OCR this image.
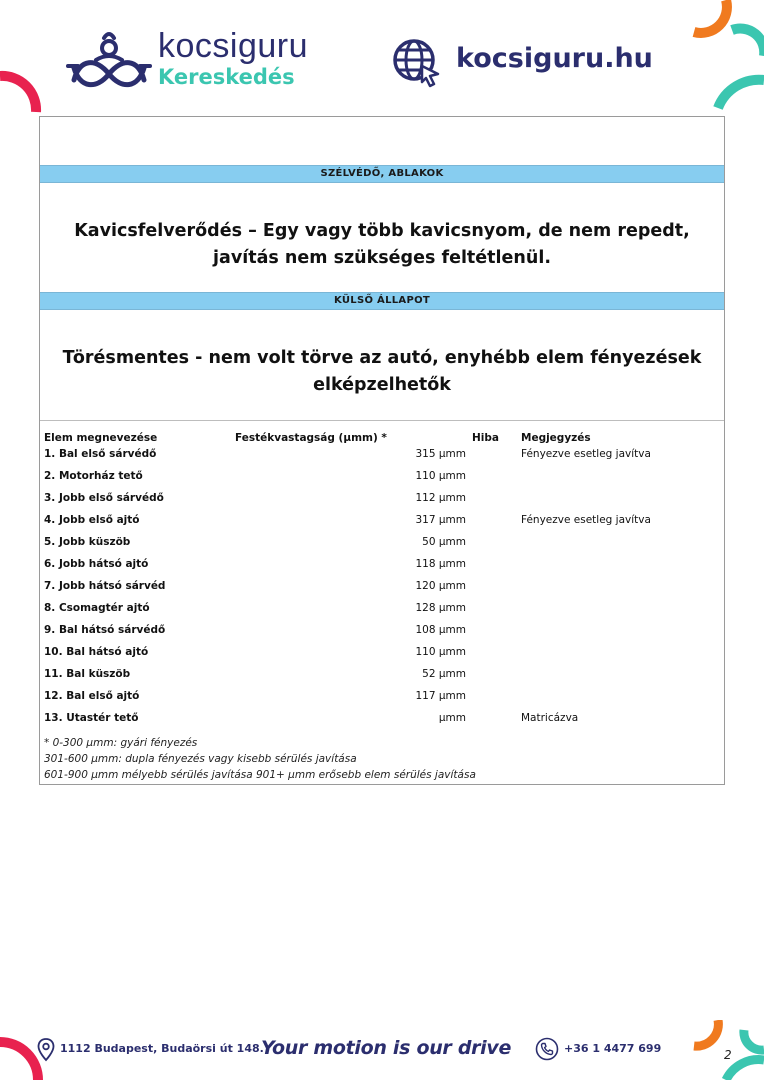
kocsiguru
Kereskedés
kocsiguru.hu
SZÉLVÉDŐ, ABLAKOK
Kavicsfelverődés – Egy vagy több kavicsnyom, de nem repedt, javítás nem szükséges feltétlenül.
KÜLSŐ ÁLLAPOT
Törésmentes - nem volt törve az autó, enyhébb elem fényezések elképzelhetők
Elem megnevezése	Festékvastagság (µmm) *	Hiba Megjegyzés
1. Bal első sárvédő	315 µmm	Fényezve esetleg javítva
2. Motorház tető	110 µmm
3. Jobb első sárvédő	112 µmm
4. Jobb első ajtó	317 µmm	Fényezve esetleg javítva
5. Jobb küszöb	50 µmm
6. Jobb hátsó ajtó	118 µmm
7. Jobb hátsó sárvéd	120 µmm
8. Csomagtér ajtó	128 µmm
9. Bal hátsó sárvédő	108 µmm
10. Bal hátsó ajtó	110 µmm
11. Bal küszöb	52 µmm
12. Bal első ajtó	117 µmm
13. Utastér tető	µmm	Matricázva
* 0-300 µmm: gyári fényezés
301-600 µmm: dupla fényezés vagy kisebb sérülés javítása
601-900 µmm mélyebb sérülés javítása 901+ µmm erősebb elem sérülés javítása
1112 Budapest, Budaörsi út 148.
Your motion is our drive	+36 1 4477 699	2
